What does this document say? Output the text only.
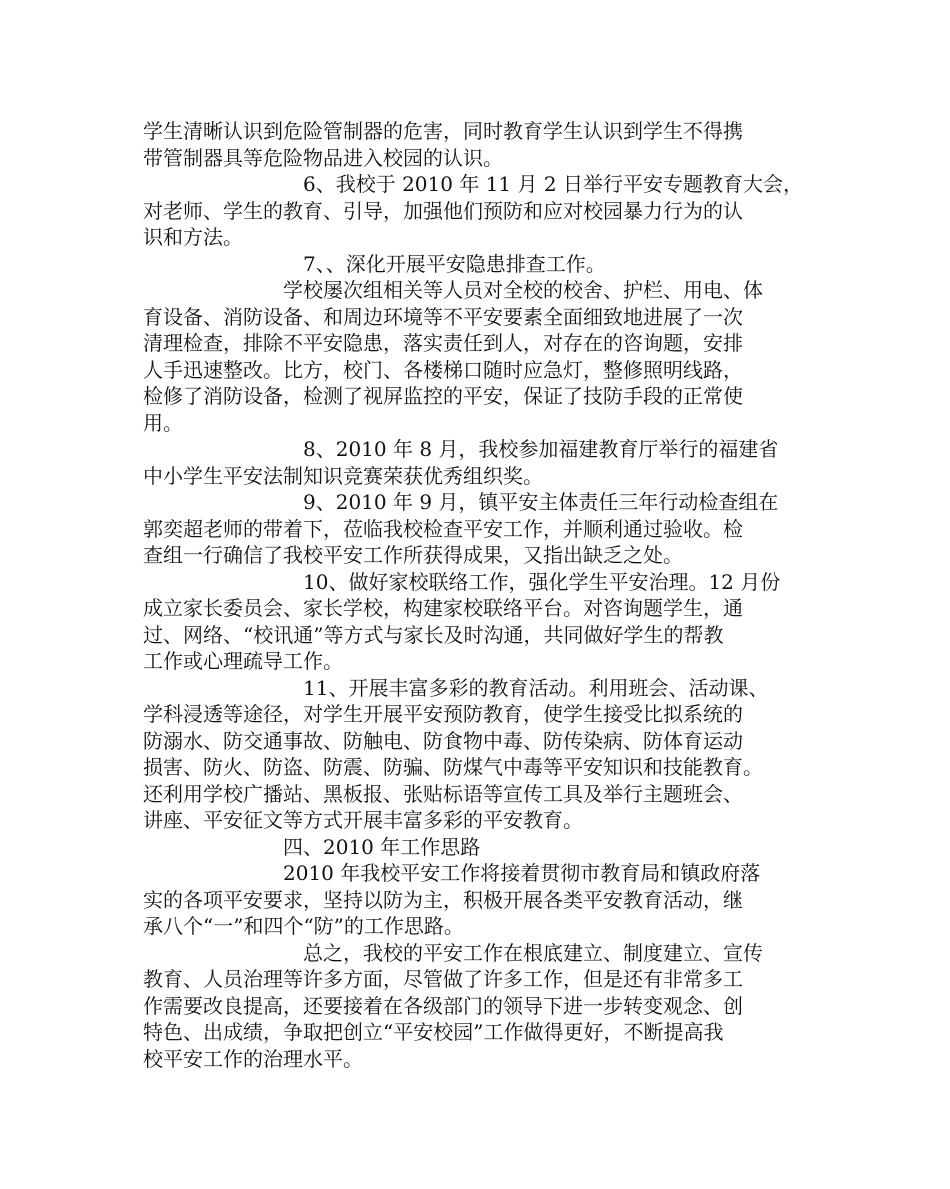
学生清晰认识到危险管制器的危害，同时教育学生认识到学生不得携
带管制器具等危险物品进入校园的认识。

6、我校于 2010 年 11 月 2 日举行平安专题教育大会，
对老师、学生的教育、引导，加强他们预防和应对校园暴力行为的认
识和方法。

7、、深化开展平安隐患排查工作。

学校屡次组相关等人员对全校的校舍、护栏、用电、体
育设备、消防设备、和周边环境等不平安要素全面细致地进展了一次
清理检查，排除不平安隐患，落实责任到人，对存在的咨询题，安排
人手迅速整改。比方，校门、各楼梯口随时应急灯，整修照明线路，
检修了消防设备，检测了视屏监控的平安，保证了技防手段的正常使
用。

8、2010 年 8 月，我校参加福建教育厅举行的福建省
中小学生平安法制知识竞赛荣获优秀组织奖。

9、2010 年 9 月，镇平安主体责任三年行动检查组在
郭奕超老师的带着下，莅临我校检查平安工作，并顺利通过验收。检
查组一行确信了我校平安工作所获得成果，又指出缺乏之处。

10、做好家校联络工作，强化学生平安治理。12 月份
成立家长委员会、家长学校，构建家校联络平台。对咨询题学生，通
过、网络、“校讯通”等方式与家长及时沟通，共同做好学生的帮教
工作或心理疏导工作。

11、开展丰富多彩的教育活动。利用班会、活动课、
学科浸透等途径，对学生开展平安预防教育，使学生接受比拟系统的
防溺水、防交通事故、防触电、防食物中毒、防传染病、防体育运动
损害、防火、防盗、防震、防骗、防煤气中毒等平安知识和技能教育。
还利用学校广播站、黑板报、张贴标语等宣传工具及举行主题班会、
讲座、平安征文等方式开展丰富多彩的平安教育。

四、2010 年工作思路

2010 年我校平安工作将接着贯彻市教育局和镇政府落
实的各项平安要求，坚持以防为主，积极开展各类平安教育活动，继
承八个“一”和四个“防”的工作思路。

总之，我校的平安工作在根底建立、制度建立、宣传
教育、人员治理等许多方面，尽管做了许多工作，但是还有非常多工
作需要改良提高，还要接着在各级部门的领导下进一步转变观念、创
特色、出成绩，争取把创立“平安校园”工作做得更好，不断提高我
校平安工作的治理水平。
